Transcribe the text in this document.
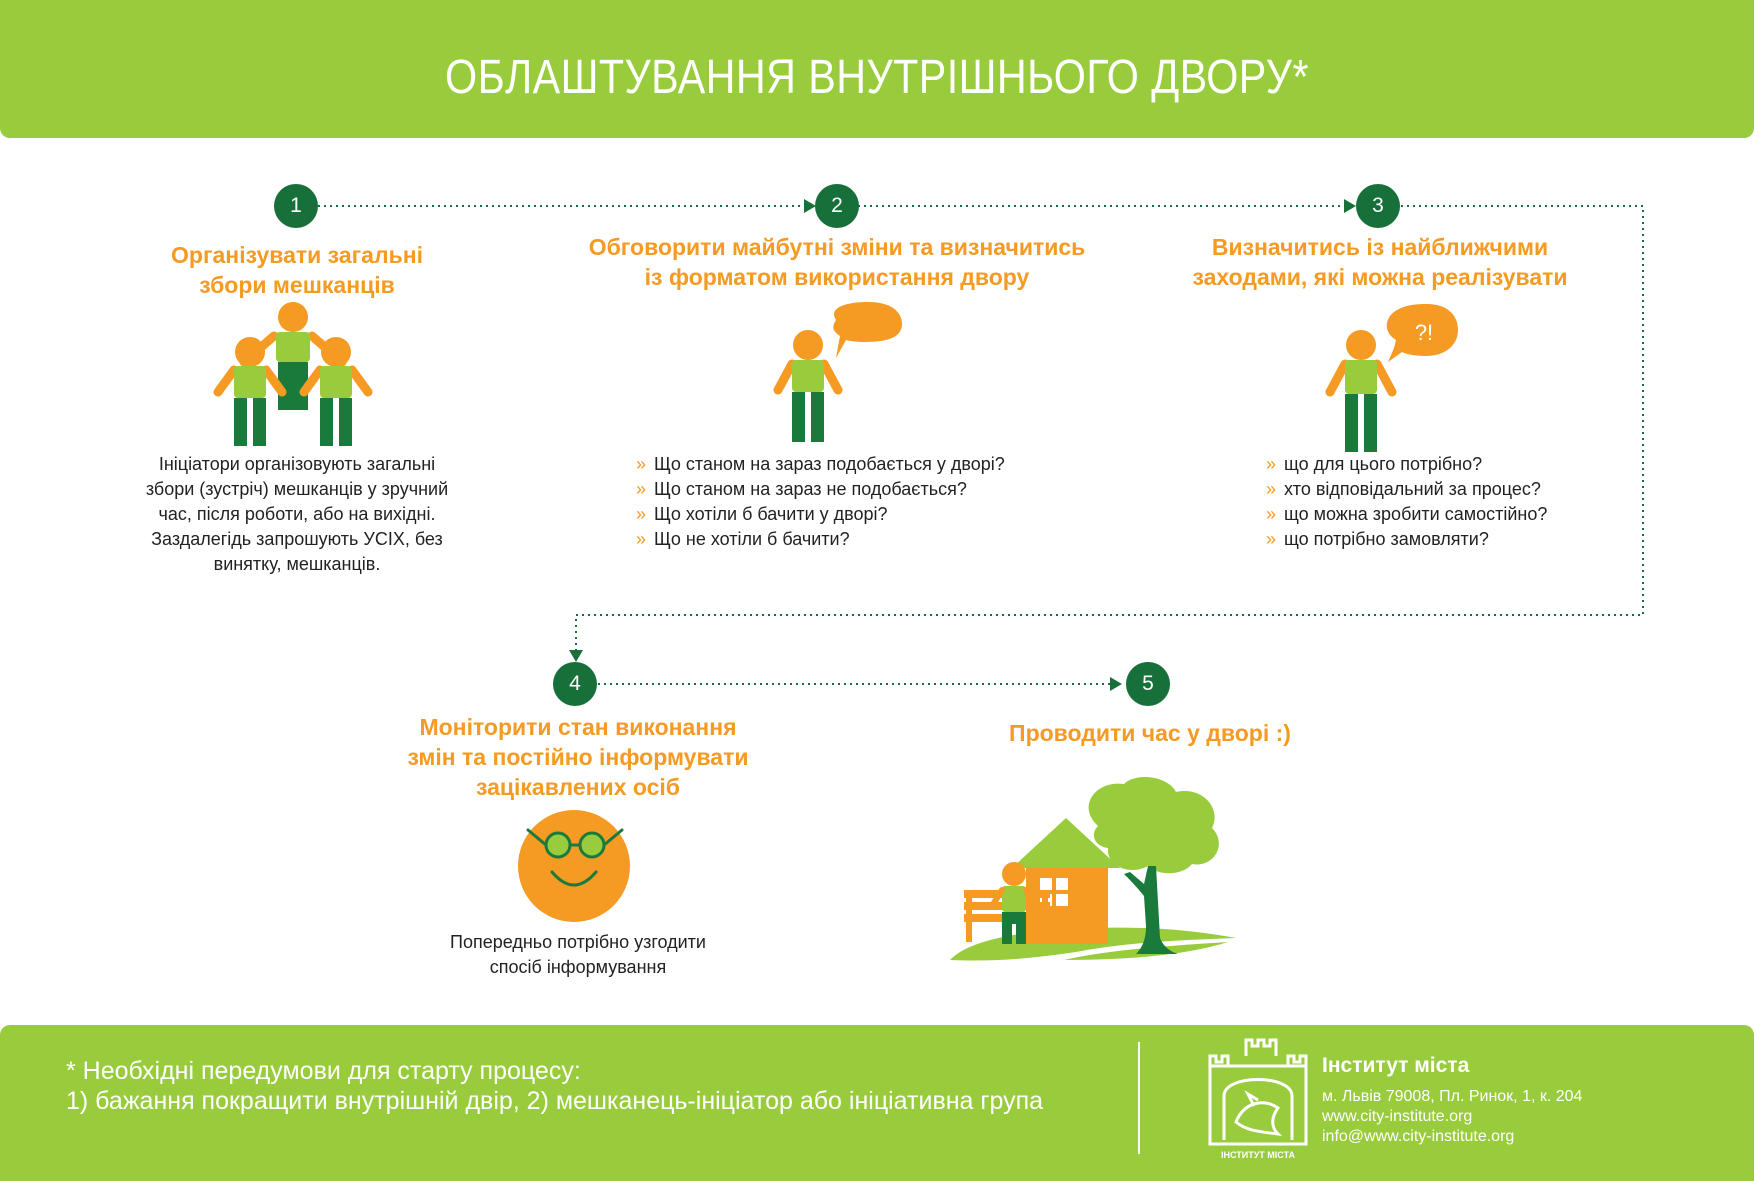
ОБЛАШТУВАННЯ ВНУТРІШНЬОГО ДВОРУ*
1	2	3
4	5
Організувати загальні
збори мешканців
Ініціатори організовують загальні
збори (зустріч) мешканців у зручний
час, після роботи, або на вихідні.
Заздалегідь запрошують УСІХ, без
винятку, мешканців.
Обговорити майбутні зміни та визначитись
із форматом використання двору
» Що станом на зараз подобається у дворі?
» Що станом на зараз не подобається?
» Що хотіли б бачити у дворі?
» Що не хотіли б бачити?
Визначитись із найближчими
заходами, які можна реалізувати
?!
» що для цього потрібно?
» хто відповідальний за процес?
» що можна зробити самостійно?
» що потрібно замовляти?
Моніторити стан виконання
змін та постійно інформувати
зацікавлених осіб
Попередньо потрібно узгодити
спосіб інформування
Проводити час у дворі :)
* Необхідні передумови для старту процесу:
1) бажання покращити внутрішній двір, 2) мешканець-ініціатор або ініціативна група
ІНСТИТУТ МІСТА
Інститут міста
м. Львів 79008, Пл. Ринок, 1, к. 204
www.city-institute.org
info@www.city-institute.org
